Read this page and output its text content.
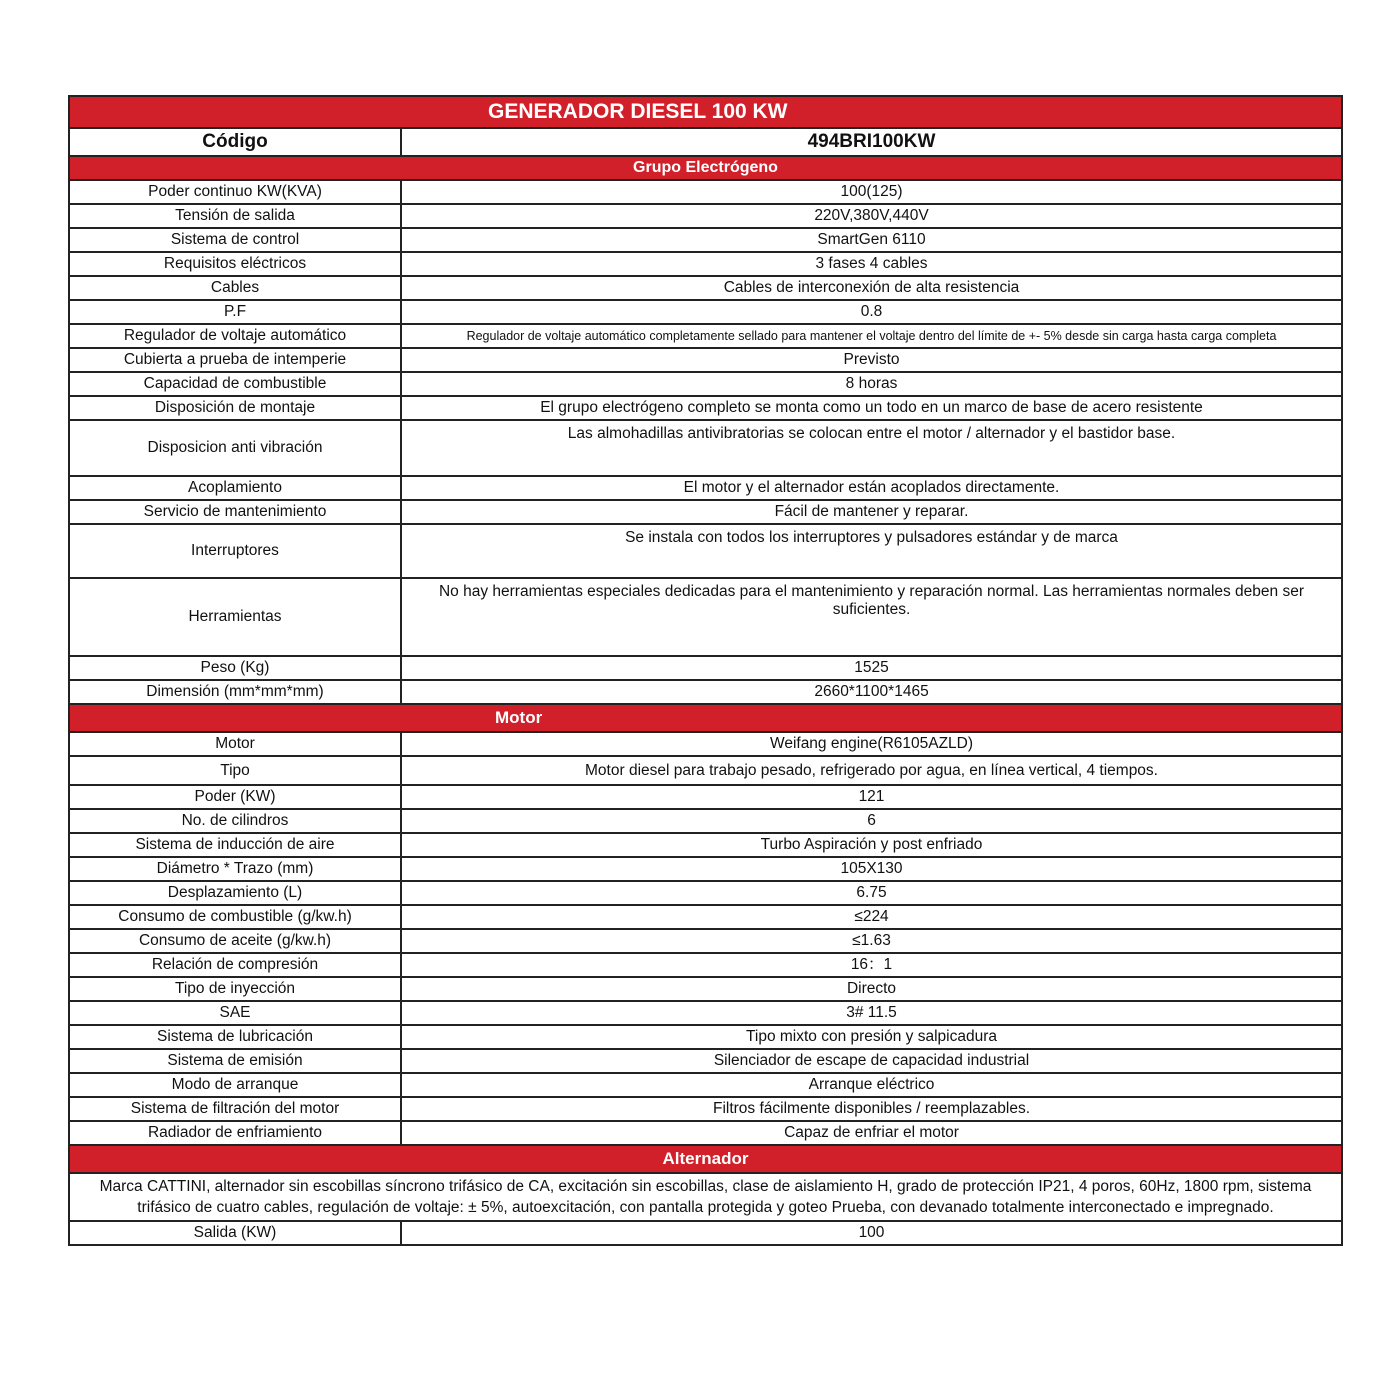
GENERADOR DIESEL 100 KW	
Código	494BRI100KW
Grupo Electrógeno	
Poder continuo KW(KVA)	100(125)
Tensión de salida	220V,380V,440V
Sistema de control	SmartGen 6110
Requisitos eléctricos	3 fases 4 cables
Cables	Cables de interconexión de alta resistencia
P.F	0.8
Regulador de voltaje automático	Regulador de voltaje automático completamente sellado para mantener el voltaje dentro del límite de +- 5% desde sin carga hasta carga completa
Cubierta a prueba de intemperie	Previsto
Capacidad de combustible	8 horas
Disposición de montaje	El grupo electrógeno completo se monta como un todo en un marco de base de acero resistente
Disposicion anti vibración	Las almohadillas antivibratorias se colocan entre el motor / alternador y el bastidor base.
Acoplamiento	El motor y el alternador están acoplados directamente.
Servicio de mantenimiento	Fácil de mantener y reparar.
Interruptores	Se instala con todos los interruptores y pulsadores estándar y de marca
Herramientas	No hay herramientas especiales dedicadas para el mantenimiento y reparación normal. Las herramientas normales deben ser suficientes.
Peso (Kg)	1525
Dimensión (mm*mm*mm)	2660*1100*1465
Motor	
Motor	Weifang engine(R6105AZLD)
Tipo	Motor diesel para trabajo pesado, refrigerado por agua, en línea vertical, 4 tiempos.
Poder (KW)	121
No. de cilindros	6
Sistema de inducción de aire	Turbo Aspiración y post enfriado
Diámetro * Trazo (mm)	105X130
Desplazamiento (L)	6.75
Consumo de combustible (g/kw.h)	≤224
Consumo de aceite (g/kw.h)	≤1.63
Relación de compresión	16：1
Tipo de inyección	Directo
SAE	3# 11.5
Sistema de lubricación	Tipo mixto con presión y salpicadura
Sistema de emisión	Silenciador de escape de capacidad industrial
Modo de arranque	Arranque eléctrico
Sistema de filtración del motor	Filtros fácilmente disponibles / reemplazables.
Radiador de enfriamiento	Capaz de enfriar el motor
Alternador	
Marca CATTINI, alternador sin escobillas síncrono trifásico de CA, excitación sin escobillas, clase de aislamiento H, grado de protección IP21, 4 poros, 60Hz, 1800 rpm, sistema trifásico de cuatro cables, regulación de voltaje: ± 5%, autoexcitación, con pantalla protegida y goteo Prueba, con devanado totalmente interconectado e impregnado.	
Salida (KW)	100
